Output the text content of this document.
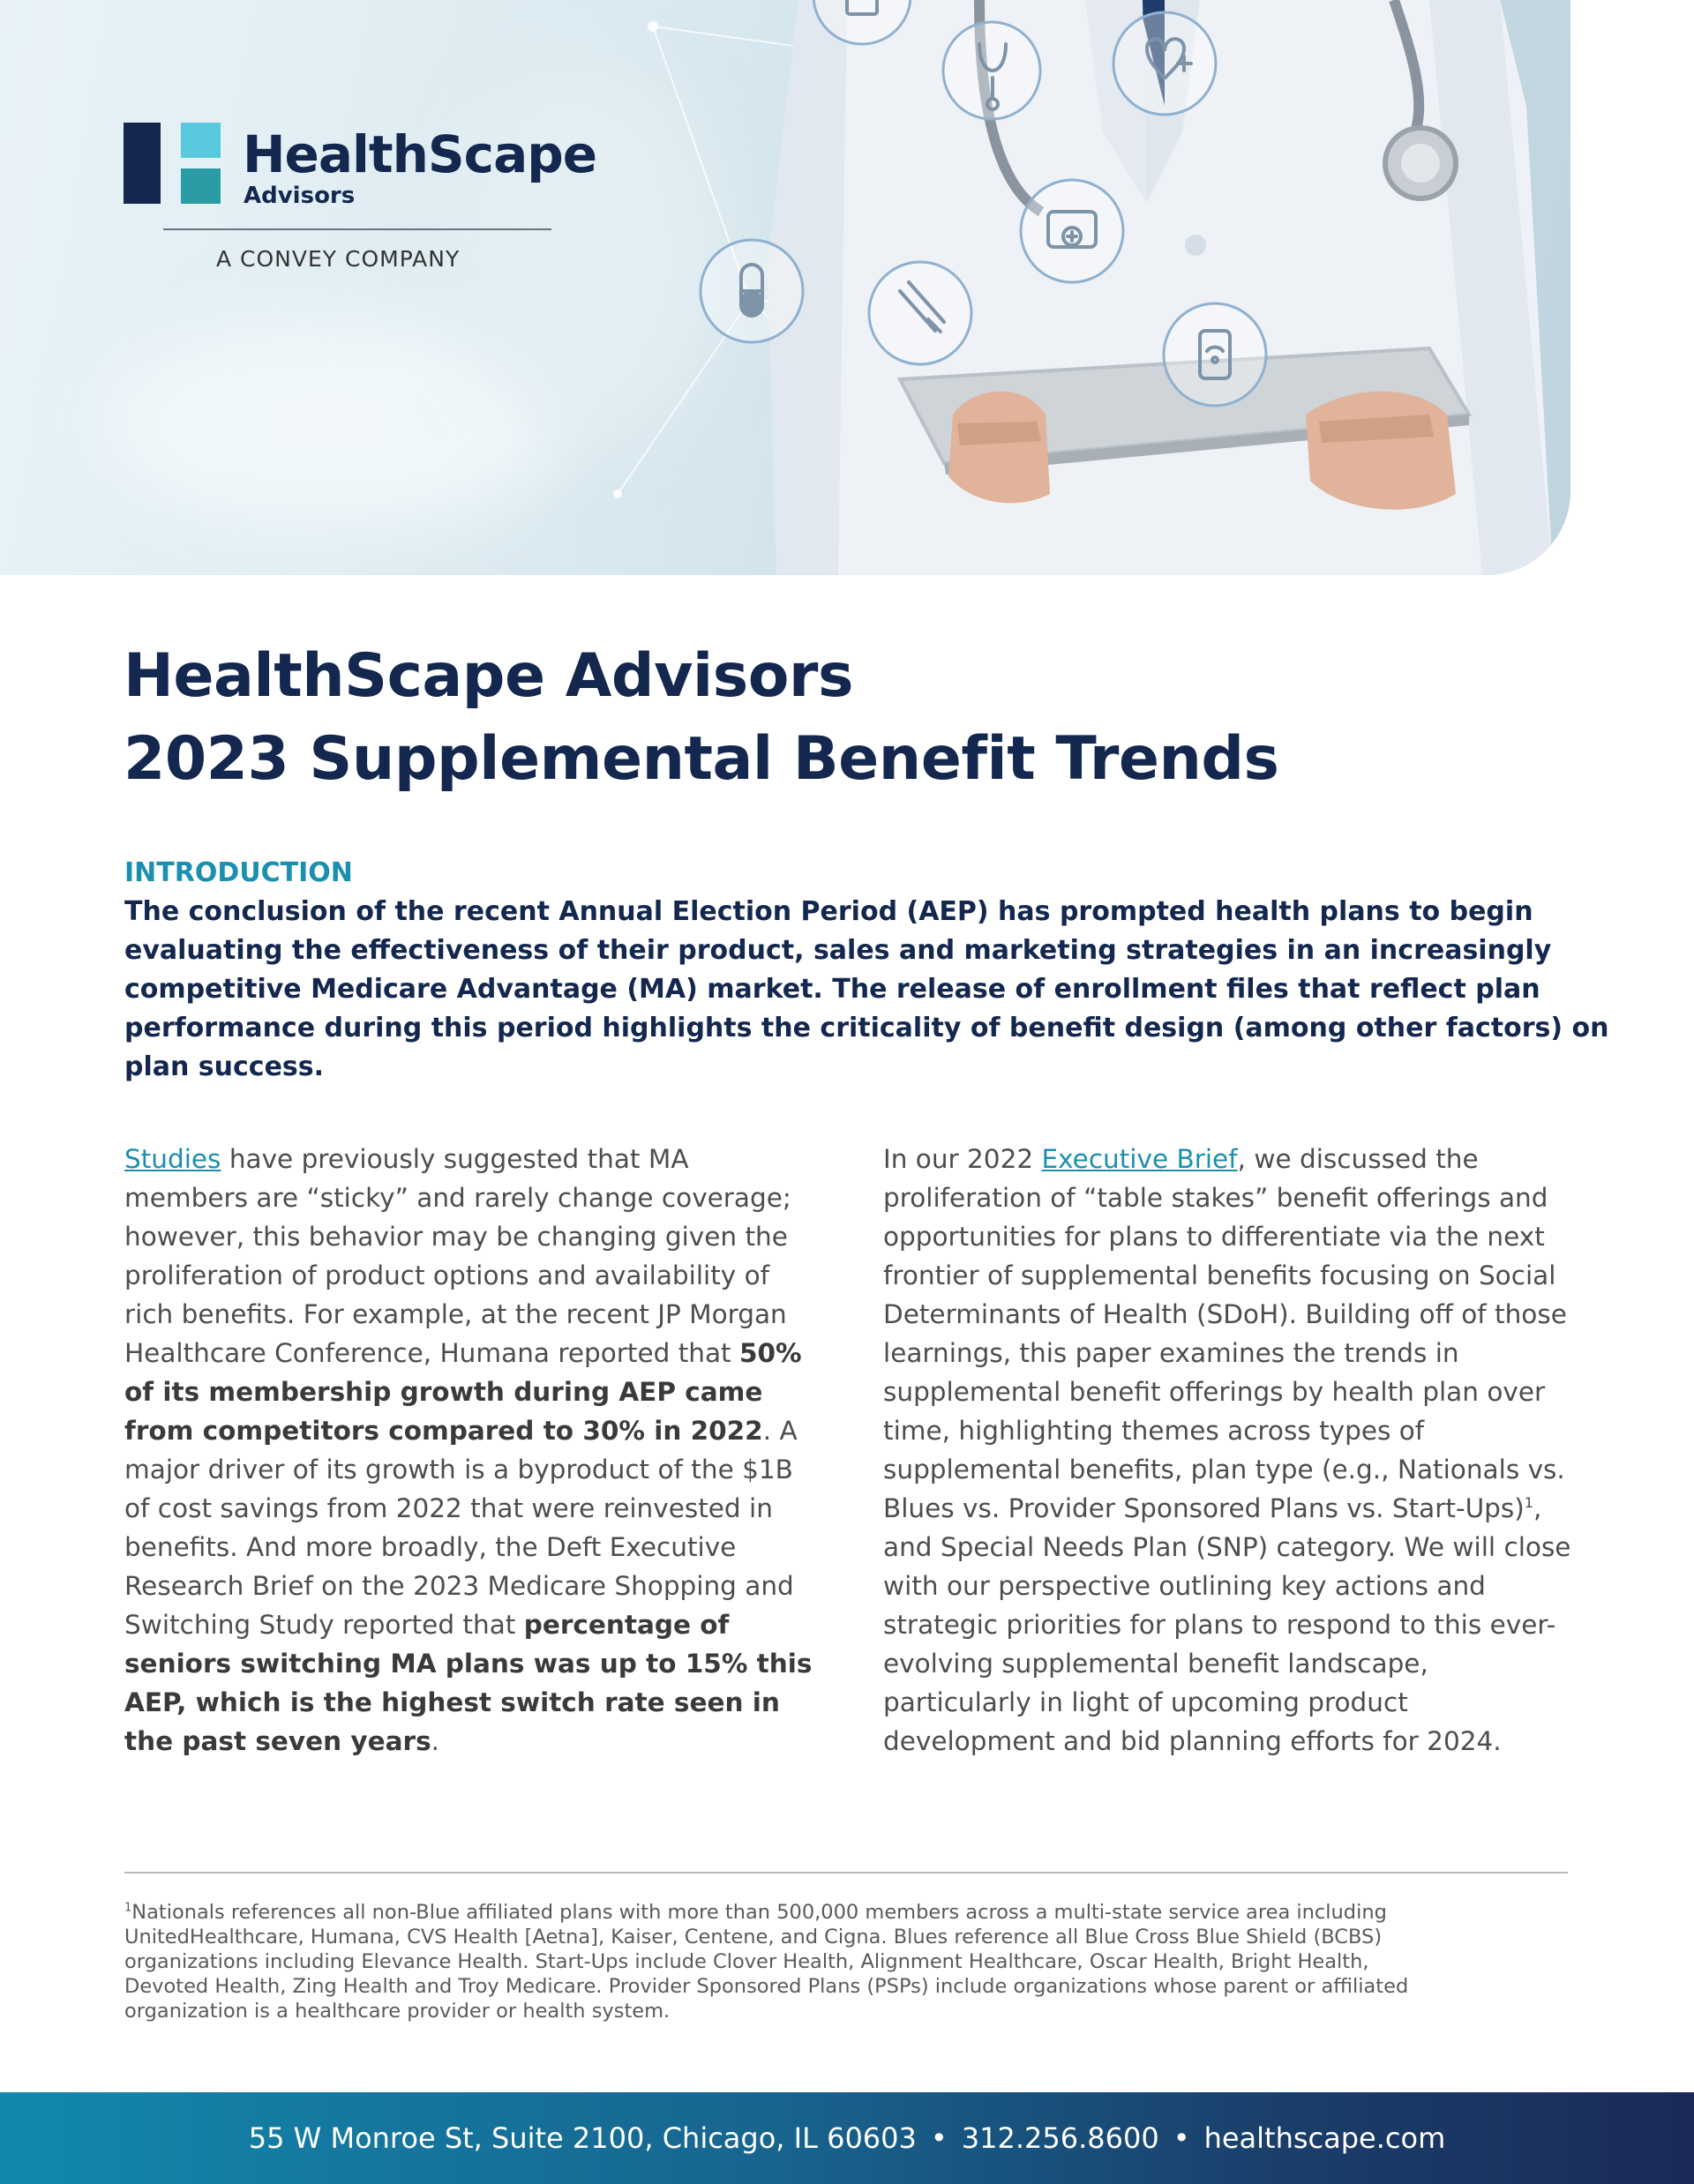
HealthScape
Advisors
A CONVEY COMPANY
HealthScape Advisors
2023 Supplemental Benefit Trends
INTRODUCTION
The conclusion of the recent Annual Election Period (AEP) has prompted health plans to begin
evaluating the effectiveness of their product, sales and marketing strategies in an increasingly
competitive Medicare Advantage (MA) market. The release of enrollment files that reflect plan
performance during this period highlights the criticality of benefit design (among other factors) on
plan success.

Studies have previously suggested that MA members are “sticky” and rarely change coverage; however, this behavior may be changing given the proliferation of product options and availability of rich benefits. For example, at the recent JP Morgan Healthcare Conference, Humana reported that 50% of its membership growth during AEP came from competitors compared to 30% in 2022. A major driver of its growth is a byproduct of the $1B of cost savings from 2022 that were reinvested in benefits. And more broadly, the Deft Executive Research Brief on the 2023 Medicare Shopping and Switching Study reported that percentage of seniors switching MA plans was up to 15% this AEP, which is the highest switch rate seen in the past seven years.

In our 2022 Executive Brief, we discussed the proliferation of “table stakes” benefit offerings and opportunities for plans to differentiate via the next frontier of supplemental benefits focusing on Social Determinants of Health (SDoH). Building off of those learnings, this paper examines the trends in supplemental benefit offerings by health plan over time, highlighting themes across types of supplemental benefits, plan type (e.g., Nationals vs. Blues vs. Provider Sponsored Plans vs. Start-Ups)$^1$, and Special Needs Plan (SNP) category. We will close with our perspective outlining key actions and strategic priorities for plans to respond to this ever-evolving supplemental benefit landscape, particularly in light of upcoming product development and bid planning efforts for 2024.

$^1$Nationals references all non-Blue affiliated plans with more than 500,000 members across a multi-state service area including
UnitedHealthcare, Humana, CVS Health [Aetna], Kaiser, Centene, and Cigna. Blues reference all Blue Cross Blue Shield (BCBS)
organizations including Elevance Health. Start-Ups include Clover Health, Alignment Healthcare, Oscar Health, Bright Health,
Devoted Health, Zing Health and Troy Medicare. Provider Sponsored Plans (PSPs) include organizations whose parent or affiliated
organization is a healthcare provider or health system.
55 W Monroe St, Suite 2100, Chicago, IL 60603 • 312.256.8600 • healthscape.com
